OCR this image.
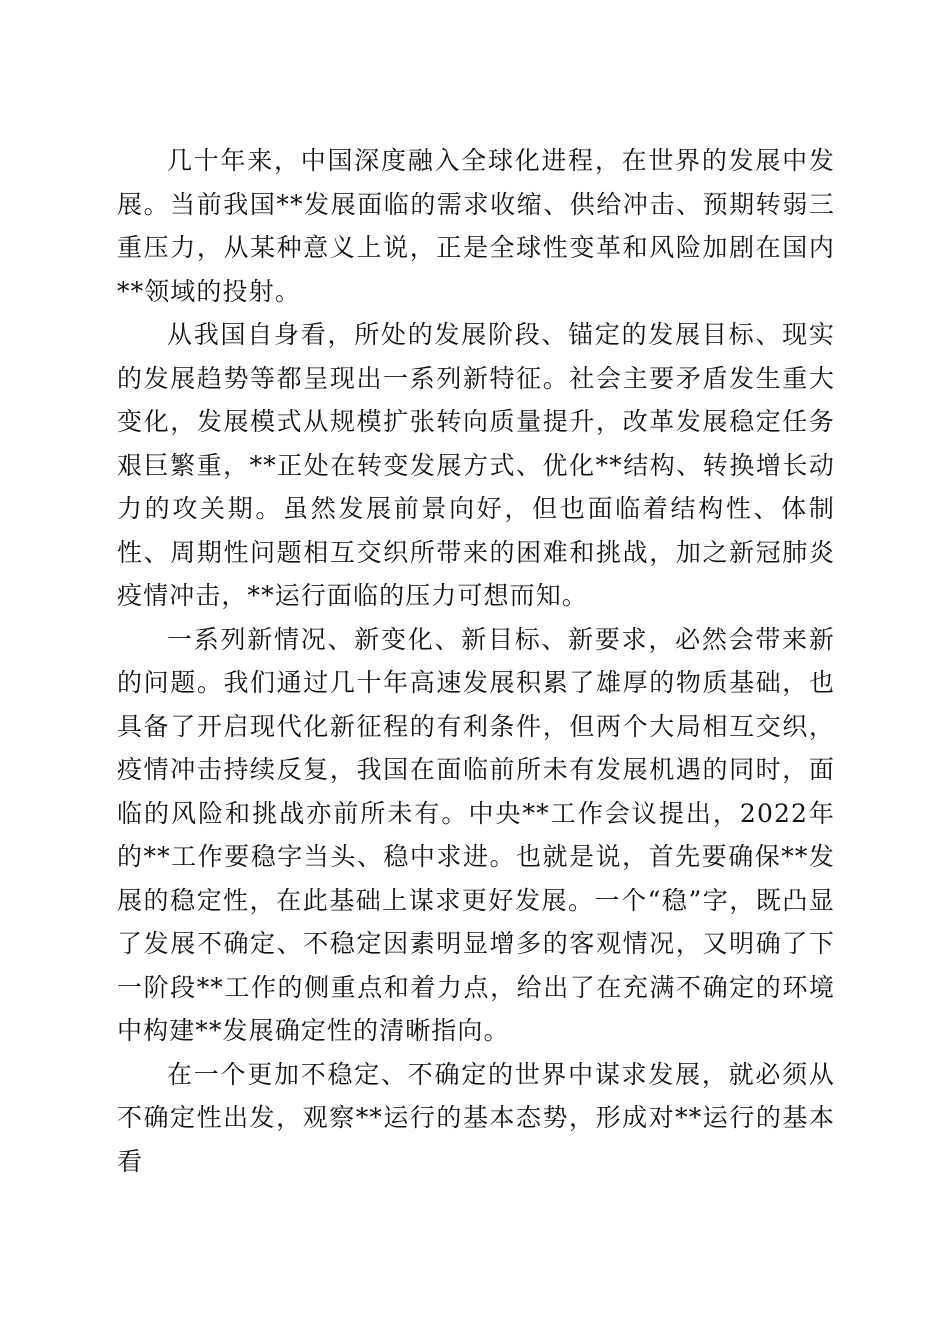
几十年来，中国深度融入全球化进程，在世界的发展中发展。当前我国**发展面临的需求收缩、供给冲击、预期转弱三重压力，从某种意义上说，正是全球性变革和风险加剧在国内**领域的投射。

从我国自身看，所处的发展阶段、锚定的发展目标、现实的发展趋势等都呈现出一系列新特征。社会主要矛盾发生重大变化，发展模式从规模扩张转向质量提升，改革发展稳定任务艰巨繁重，**正处在转变发展方式、优化**结构、转换增长动力的攻关期。虽然发展前景向好，但也面临着结构性、体制性、周期性问题相互交织所带来的困难和挑战，加之新冠肺炎疫情冲击，**运行面临的压力可想而知。

一系列新情况、新变化、新目标、新要求，必然会带来新的问题。我们通过几十年高速发展积累了雄厚的物质基础，也具备了开启现代化新征程的有利条件，但两个大局相互交织，疫情冲击持续反复，我国在面临前所未有发展机遇的同时，面临的风险和挑战亦前所未有。中央**工作会议提出，2022年的**工作要稳字当头、稳中求进。也就是说，首先要确保**发展的稳定性，在此基础上谋求更好发展。一个“稳”字，既凸显了发展不确定、不稳定因素明显增多的客观情况，又明确了下一阶段**工作的侧重点和着力点，给出了在充满不确定的环境中构建**发展确定性的清晰指向。

在一个更加不稳定、不确定的世界中谋求发展，就必须从不确定性出发，观察**运行的基本态势，形成对**运行的基本看
